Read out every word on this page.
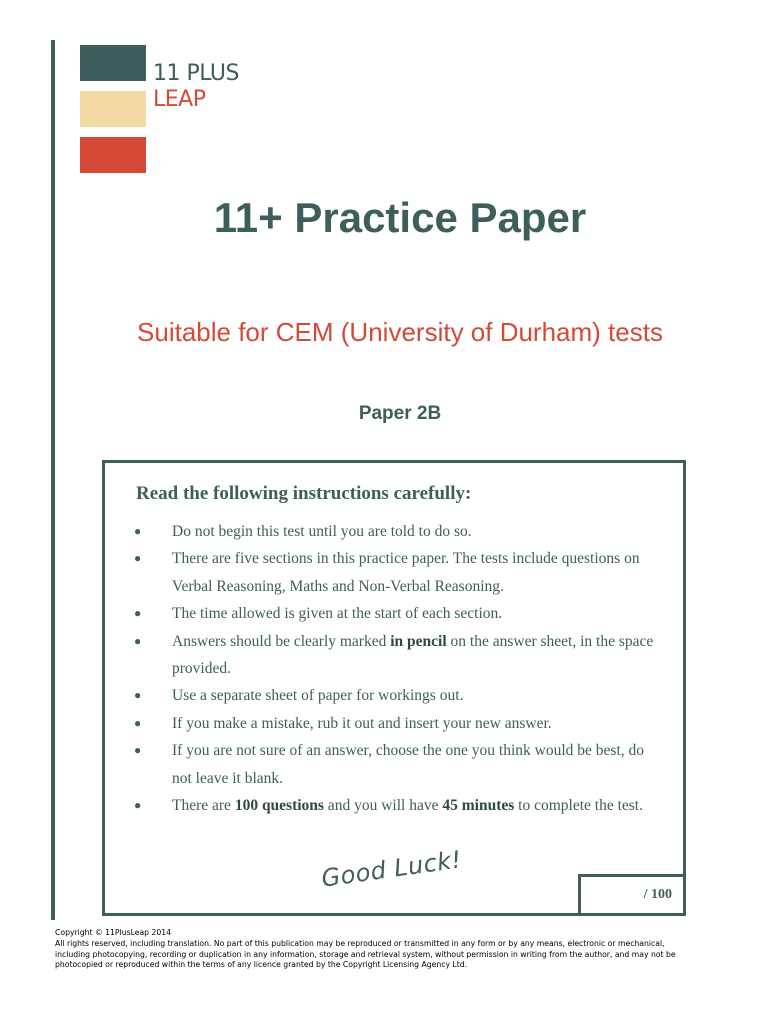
11 PLUS
LEAP
11+ Practice Paper
Suitable for CEM (University of Durham) tests
Paper 2B
Read the following instructions carefully:
● Do not begin this test until you are told to do so.
● There are five sections in this practice paper. The tests include questions on Verbal Reasoning, Maths and Non-Verbal Reasoning.
● The time allowed is given at the start of each section.
● Answers should be clearly marked in pencil on the answer sheet, in the space provided.
● Use a separate sheet of paper for workings out.
● If you make a mistake, rub it out and insert your new answer.
● If you are not sure of an answer, choose the one you think would be best, do not leave it blank.
● There are 100 questions and you will have 45 minutes to complete the test.
Good Luck!
/ 100

Copyright © 11PlusLeap 2014

All rights reserved, including translation. No part of this publication may be reproduced or transmitted in any form or by any means, electronic or mechanical, including photocopying, recording or duplication in any information, storage and retrieval system, without permission in writing from the author, and may not be photocopied or reproduced within the terms of any licence granted by the Copyright Licensing Agency Ltd.
